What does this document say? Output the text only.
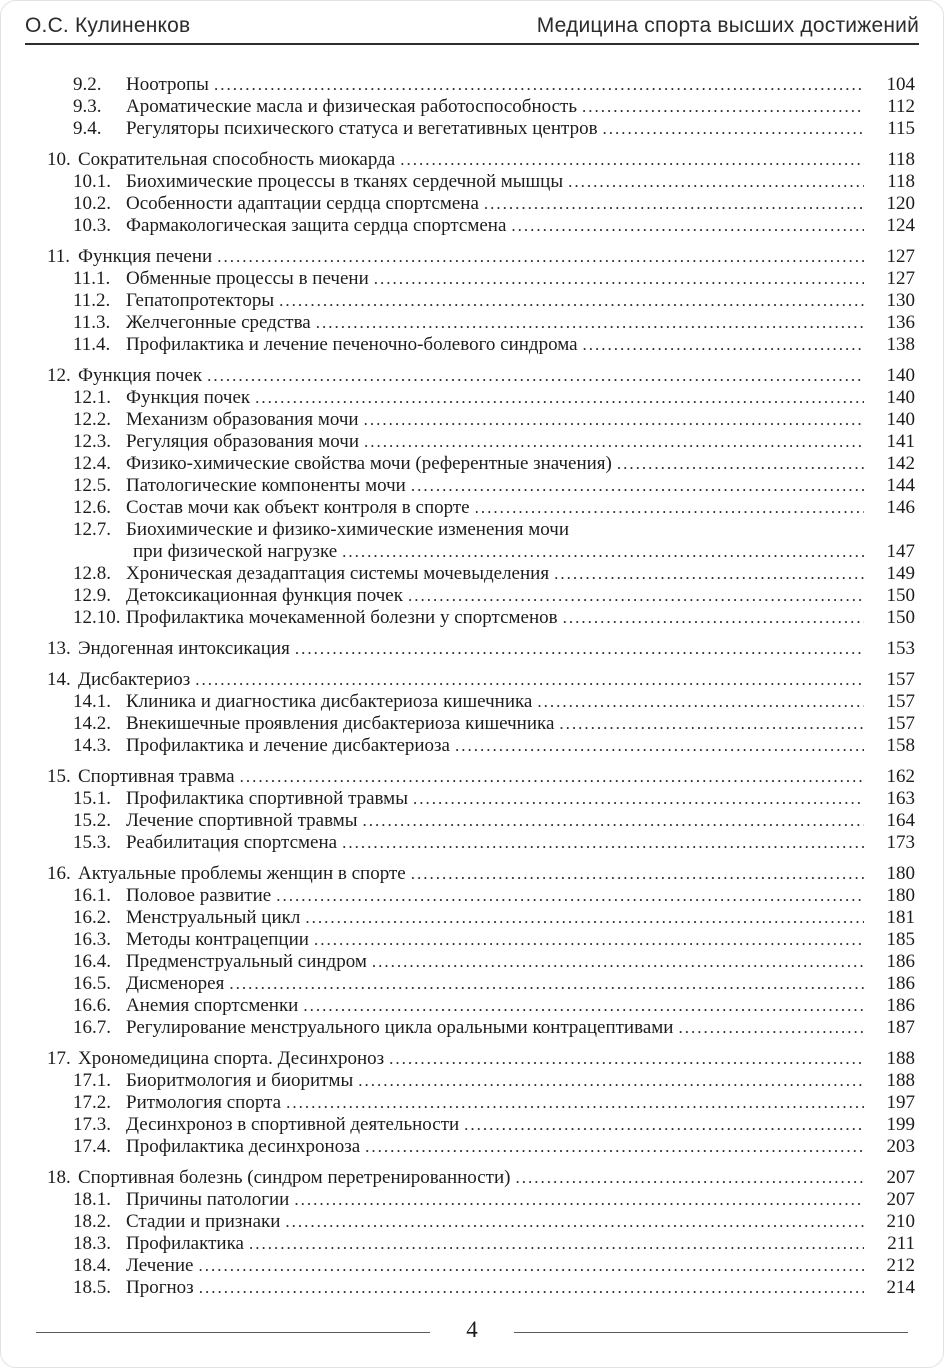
О.С. Кулиненков	Медицина спорта высших достижений
9.2.	Ноотропы .....	104
9.3.	Ароматические масла и физическая работоспособность .....	112
9.4.	Регуляторы психического статуса и вегетативных центров .....	115
10. Сократительная способность миокарда .....	118
10.1. Биохимические процессы в тканях сердечной мышцы .....	118
10.2. Особенности адаптации сердца спортсмена .....	120
10.3. Фармакологическая защита сердца спортсмена .....	124
11. Функция печени .....	127
11.1. Обменные процессы в печени .....	127
11.2. Гепатопротекторы .....	130
11.3. Желчегонные средства .....	136
11.4. Профилактика и лечение печеночно-болевого синдрома .....	138
12. Функция почек .....	140
12.1. Функция почек .....	140
12.2. Механизм образования мочи .....	140
12.3. Регуляция образования мочи .....	141
12.4. Физико-химические свойства мочи (референтные значения) .....	142
12.5. Патологические компоненты мочи .....	144
12.6. Состав мочи как объект контроля в спорте .....	146
12.7. Биохимические и физико-химические изменения мочи
при физической нагрузке .....	147
12.8. Хроническая дезадаптация системы мочевыделения .....	149
12.9. Детоксикационная функция почек .....	150
12.10. Профилактика мочекаменной болезни у спортсменов .....	150
13. Эндогенная интоксикация .....	153
14. Дисбактериоз .....	157
14.1. Клиника и диагностика дисбактериоза кишечника .....	157
14.2. Внекишечные проявления дисбактериоза кишечника .....	157
14.3. Профилактика и лечение дисбактериоза .....	158
15. Спортивная травма .....	162
15.1. Профилактика спортивной травмы .....	163
15.2. Лечение спортивной травмы .....	164
15.3. Реабилитация спортсмена .....	173
16. Актуальные проблемы женщин в спорте .....	180
16.1. Половое развитие .....	180
16.2. Менструальный цикл .....	181
16.3. Методы контрацепции .....	185
16.4. Предменструальный синдром .....	186
16.5. Дисменорея .....	186
16.6. Анемия спортсменки .....	186
16.7. Регулирование менструального цикла оральными контрацептивами .....	187
17. Хрономедицина спорта. Десинхроноз .....	188
17.1. Биоритмология и биоритмы .....	188
17.2. Ритмология спорта .....	197
17.3. Десинхроноз в спортивной деятельности .....	199
17.4. Профилактика десинхроноза .....	203
18. Спортивная болезнь (синдром перетренированности) .....	207
18.1. Причины патологии .....	207
18.2. Стадии и признаки .....	210
18.3. Профилактика .....	211
18.4. Лечение .....	212
18.5. Прогноз .....	214
4
